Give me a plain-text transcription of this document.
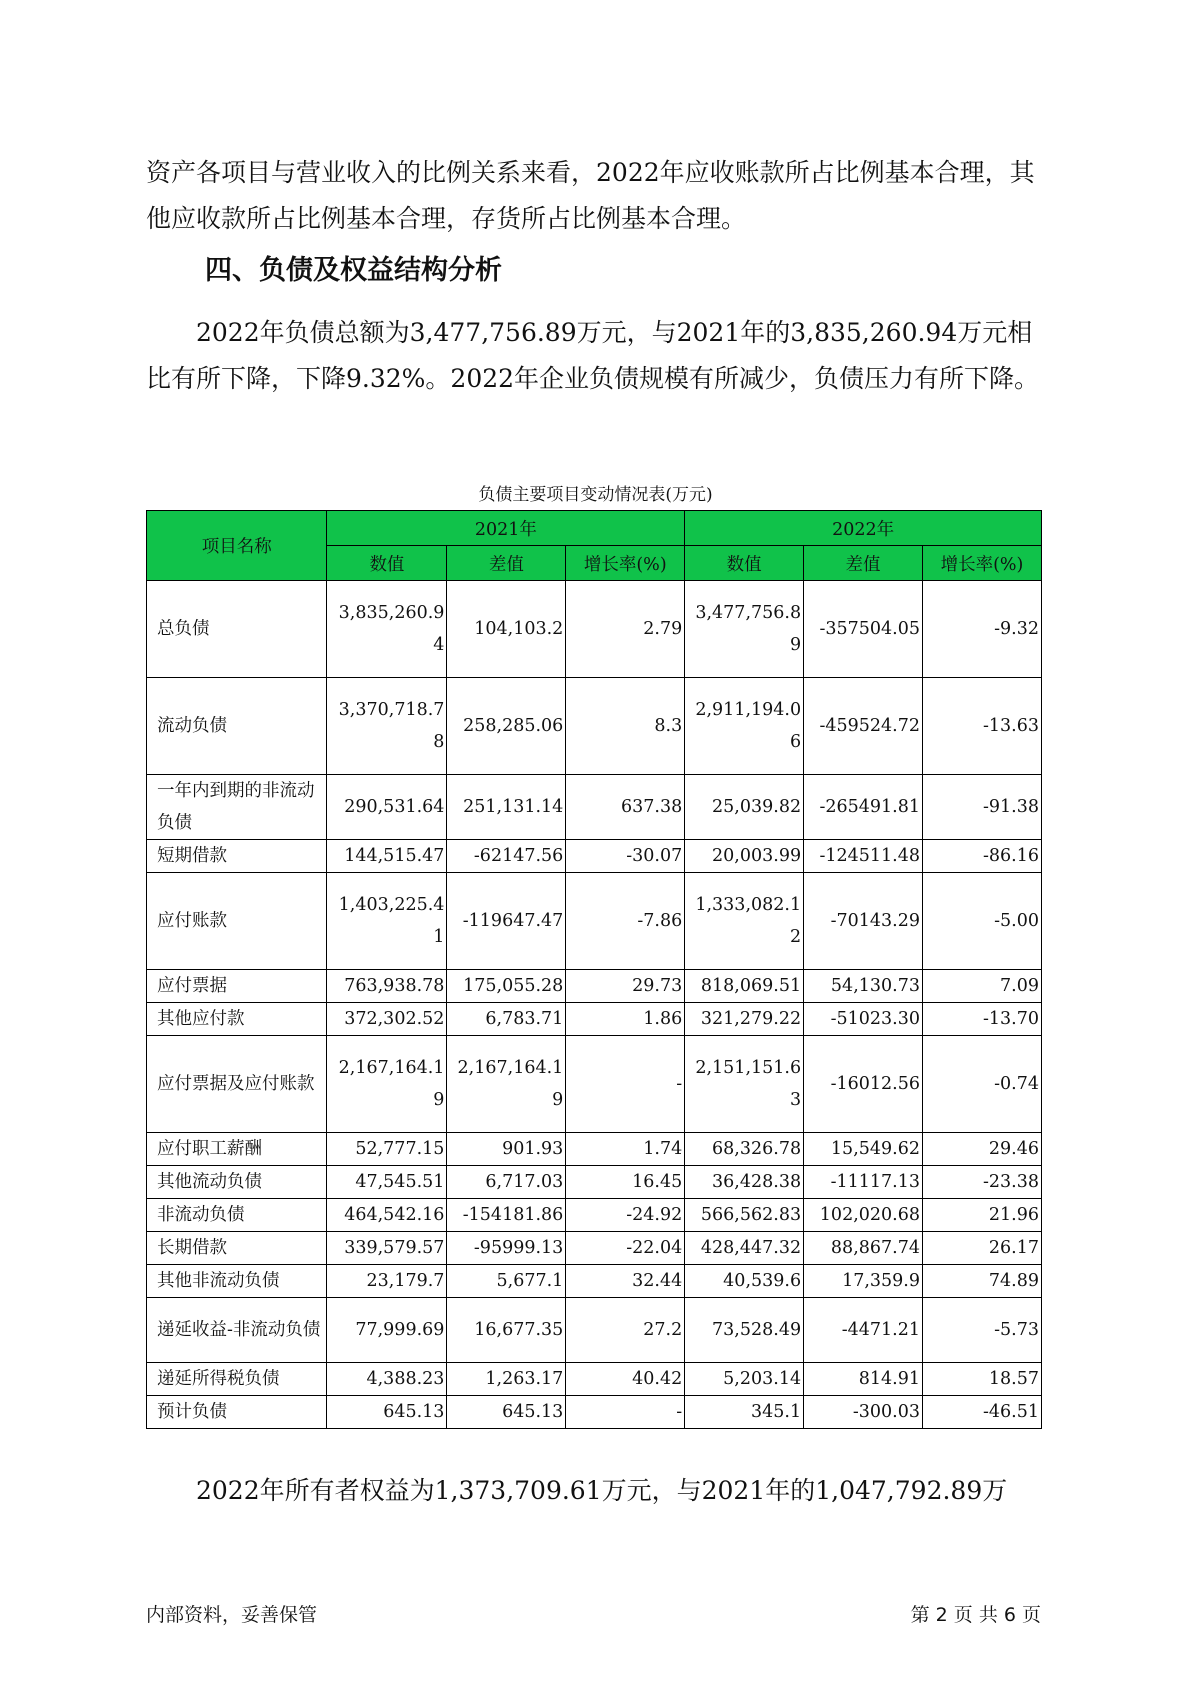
资产各项目与营业收入的比例关系来看，2022年应收账款所占比例基本合理，其他应收款所占比例基本合理，存货所占比例基本合理。

四、负债及权益结构分析

2022年负债总额为3,477,756.89万元，与2021年的3,835,260.94万元相比有所下降，下降9.32%。2022年企业负债规模有所减少，负债压力有所下降。

负债主要项目变动情况表(万元)
项目名称	2021年			2022年		
	数值	差值	增长率(%)	数值	差值	增长率(%)
总负债	3,835,260.94	104,103.2	2.79	3,477,756.89	-357504.05	-9.32
流动负债	3,370,718.78	258,285.06	8.3	2,911,194.06	-459524.72	-13.63
一年内到期的非流动负债	290,531.64	251,131.14	637.38	25,039.82	-265491.81	-91.38
短期借款	144,515.47	-62147.56	-30.07	20,003.99	-124511.48	-86.16
应付账款	1,403,225.41	-119647.47	-7.86	1,333,082.12	-70143.29	-5.00
应付票据	763,938.78	175,055.28	29.73	818,069.51	54,130.73	7.09
其他应付款	372,302.52	6,783.71	1.86	321,279.22	-51023.30	-13.70
应付票据及应付账款	2,167,164.19	2,167,164.19	-	2,151,151.63	-16012.56	-0.74
应付职工薪酬	52,777.15	901.93	1.74	68,326.78	15,549.62	29.46
其他流动负债	47,545.51	6,717.03	16.45	36,428.38	-11117.13	-23.38
非流动负债	464,542.16	-154181.86	-24.92	566,562.83	102,020.68	21.96
长期借款	339,579.57	-95999.13	-22.04	428,447.32	88,867.74	26.17
其他非流动负债	23,179.7	5,677.1	32.44	40,539.6	17,359.9	74.89
递延收益-非流动负债	77,999.69	16,677.35	27.2	73,528.49	-4471.21	-5.73
递延所得税负债	4,388.23	1,263.17	40.42	5,203.14	814.91	18.57
预计负债	645.13	645.13	-	345.1	-300.03	-46.51

2022年所有者权益为1,373,709.61万元，与2021年的1,047,792.89万

内部资料，妥善保管	第 2 页 共 6 页
